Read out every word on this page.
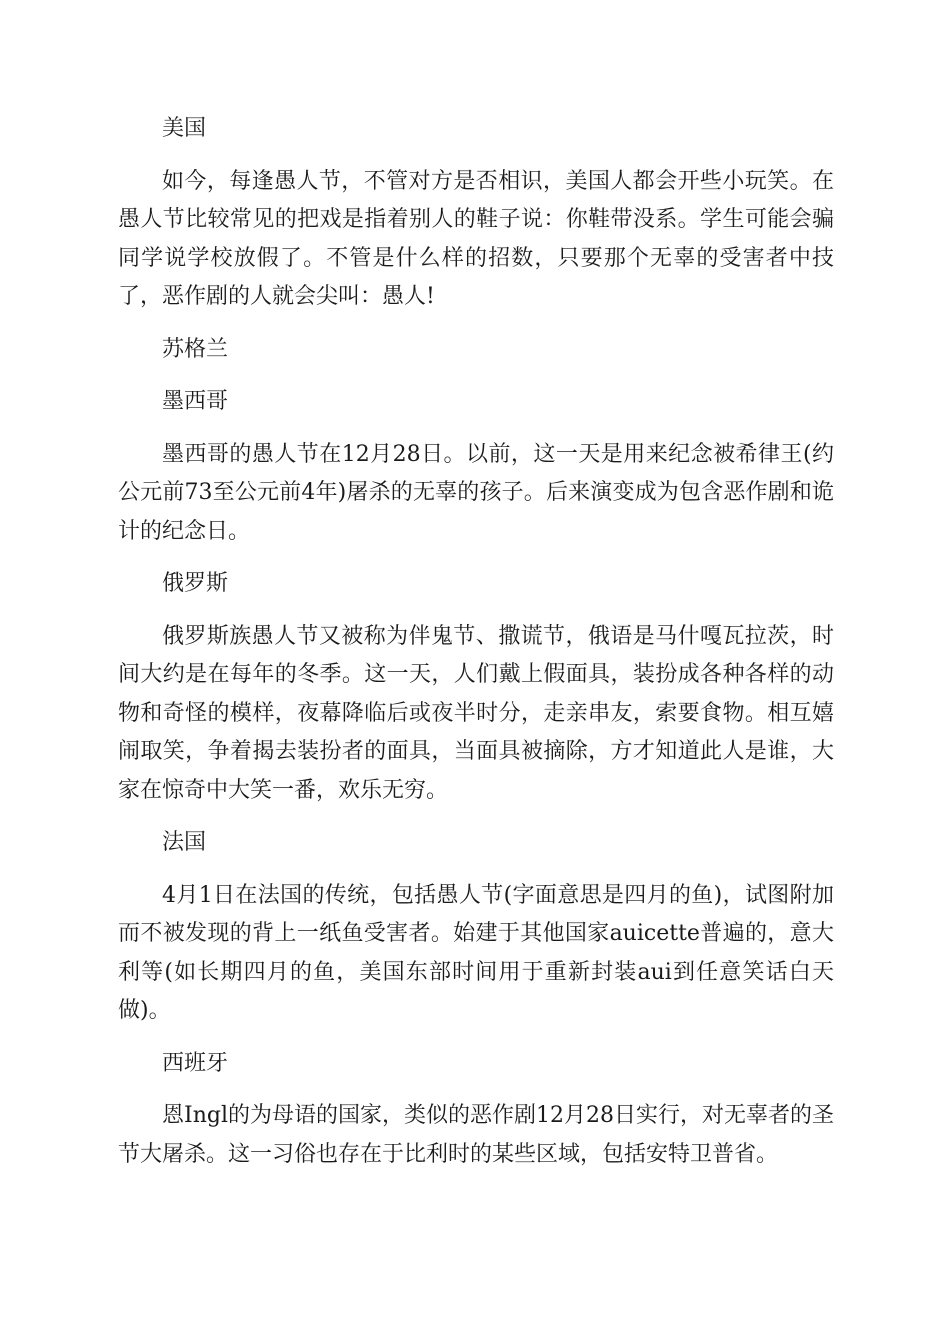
美国

如今，每逢愚人节，不管对方是否相识，美国人都会开些小玩笑。在愚人节比较常见的把戏是指着别人的鞋子说：你鞋带没系。学生可能会骗同学说学校放假了。不管是什么样的招数，只要那个无辜的受害者中技了，恶作剧的人就会尖叫：愚人!

苏格兰

墨西哥

墨西哥的愚人节在12月28日。以前，这一天是用来纪念被希律王(约公元前73至公元前4年)屠杀的无辜的孩子。后来演变成为包含恶作剧和诡计的纪念日。

俄罗斯

俄罗斯族愚人节又被称为伴鬼节、撒谎节，俄语是马什嘎瓦拉茨，时间大约是在每年的冬季。这一天，人们戴上假面具，装扮成各种各样的动物和奇怪的模样，夜幕降临后或夜半时分，走亲串友，索要食物。相互嬉闹取笑，争着揭去装扮者的面具，当面具被摘除，方才知道此人是谁，大家在惊奇中大笑一番，欢乐无穷。

法国

4月1日在法国的传统，包括愚人节(字面意思是四月的鱼)，试图附加而不被发现的背上一纸鱼受害者。始建于其他国家auicette普遍的，意大利等(如长期四月的鱼，美国东部时间用于重新封装aui到任意笑话白天做)。

西班牙

恩Ingl的为母语的国家，类似的恶作剧12月28日实行，对无辜者的圣节大屠杀。这一习俗也存在于比利时的某些区域，包括安特卫普省。
